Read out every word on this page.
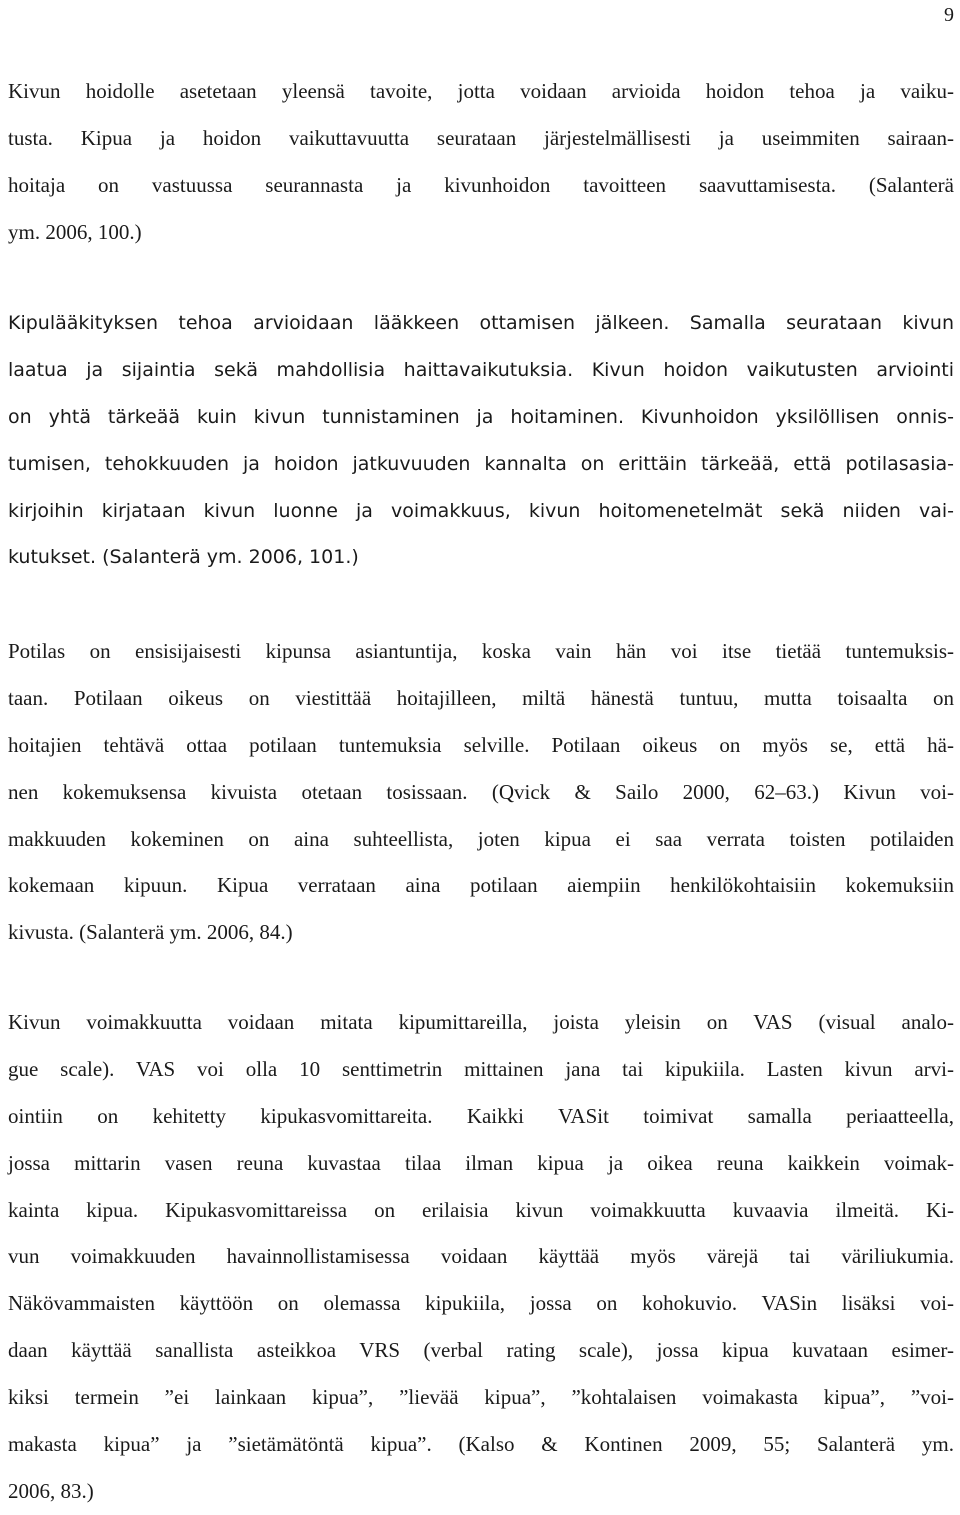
9
Kivun hoidolle asetetaan yleensä tavoite, jotta voidaan arvioida hoidon tehoa ja vaiku-
tusta. Kipua ja hoidon vaikuttavuutta seurataan järjestelmällisesti ja useimmiten sairaan-
hoitaja on vastuussa seurannasta ja kivunhoidon tavoitteen saavuttamisesta. (Salanterä
ym. 2006, 100.)
Kipulääkityksen tehoa arvioidaan lääkkeen ottamisen jälkeen. Samalla seurataan kivun
laatua ja sijaintia sekä mahdollisia haittavaikutuksia. Kivun hoidon vaikutusten arviointi
on yhtä tärkeää kuin kivun tunnistaminen ja hoitaminen. Kivunhoidon yksilöllisen onnis-
tumisen, tehokkuuden ja hoidon jatkuvuuden kannalta on erittäin tärkeää, että potilasasia-
kirjoihin kirjataan kivun luonne ja voimakkuus, kivun hoitomenetelmät sekä niiden vai-
kutukset. (Salanterä ym. 2006, 101.)
Potilas on ensisijaisesti kipunsa asiantuntija, koska vain hän voi itse tietää tuntemuksis-
taan. Potilaan oikeus on viestittää hoitajilleen, miltä hänestä tuntuu, mutta toisaalta on
hoitajien tehtävä ottaa potilaan tuntemuksia selville. Potilaan oikeus on myös se, että hä-
nen kokemuksensa kivuista otetaan tosissaan. (Qvick & Sailo 2000, 62–63.) Kivun voi-
makkuuden kokeminen on aina suhteellista, joten kipua ei saa verrata toisten potilaiden
kokemaan kipuun. Kipua verrataan aina potilaan aiempiin henkilökohtaisiin kokemuksiin
kivusta. (Salanterä ym. 2006, 84.)
Kivun voimakkuutta voidaan mitata kipumittareilla, joista yleisin on VAS (visual analo-
gue scale). VAS voi olla 10 senttimetrin mittainen jana tai kipukiila. Lasten kivun arvi-
ointiin on kehitetty kipukasvomittareita. Kaikki VASit toimivat samalla periaatteella,
jossa mittarin vasen reuna kuvastaa tilaa ilman kipua ja oikea reuna kaikkein voimak-
kainta kipua. Kipukasvomittareissa on erilaisia kivun voimakkuutta kuvaavia ilmeitä. Ki-
vun voimakkuuden havainnollistamisessa voidaan käyttää myös värejä tai väriliukumia.
Näkövammaisten käyttöön on olemassa kipukiila, jossa on kohokuvio. VASin lisäksi voi-
daan käyttää sanallista asteikkoa VRS (verbal rating scale), jossa kipua kuvataan esimer-
kiksi termein ”ei lainkaan kipua”, ”lievää kipua”, ”kohtalaisen voimakasta kipua”, ”voi-
makasta kipua” ja ”sietämätöntä kipua”. (Kalso & Kontinen 2009, 55; Salanterä ym.
2006, 83.)
